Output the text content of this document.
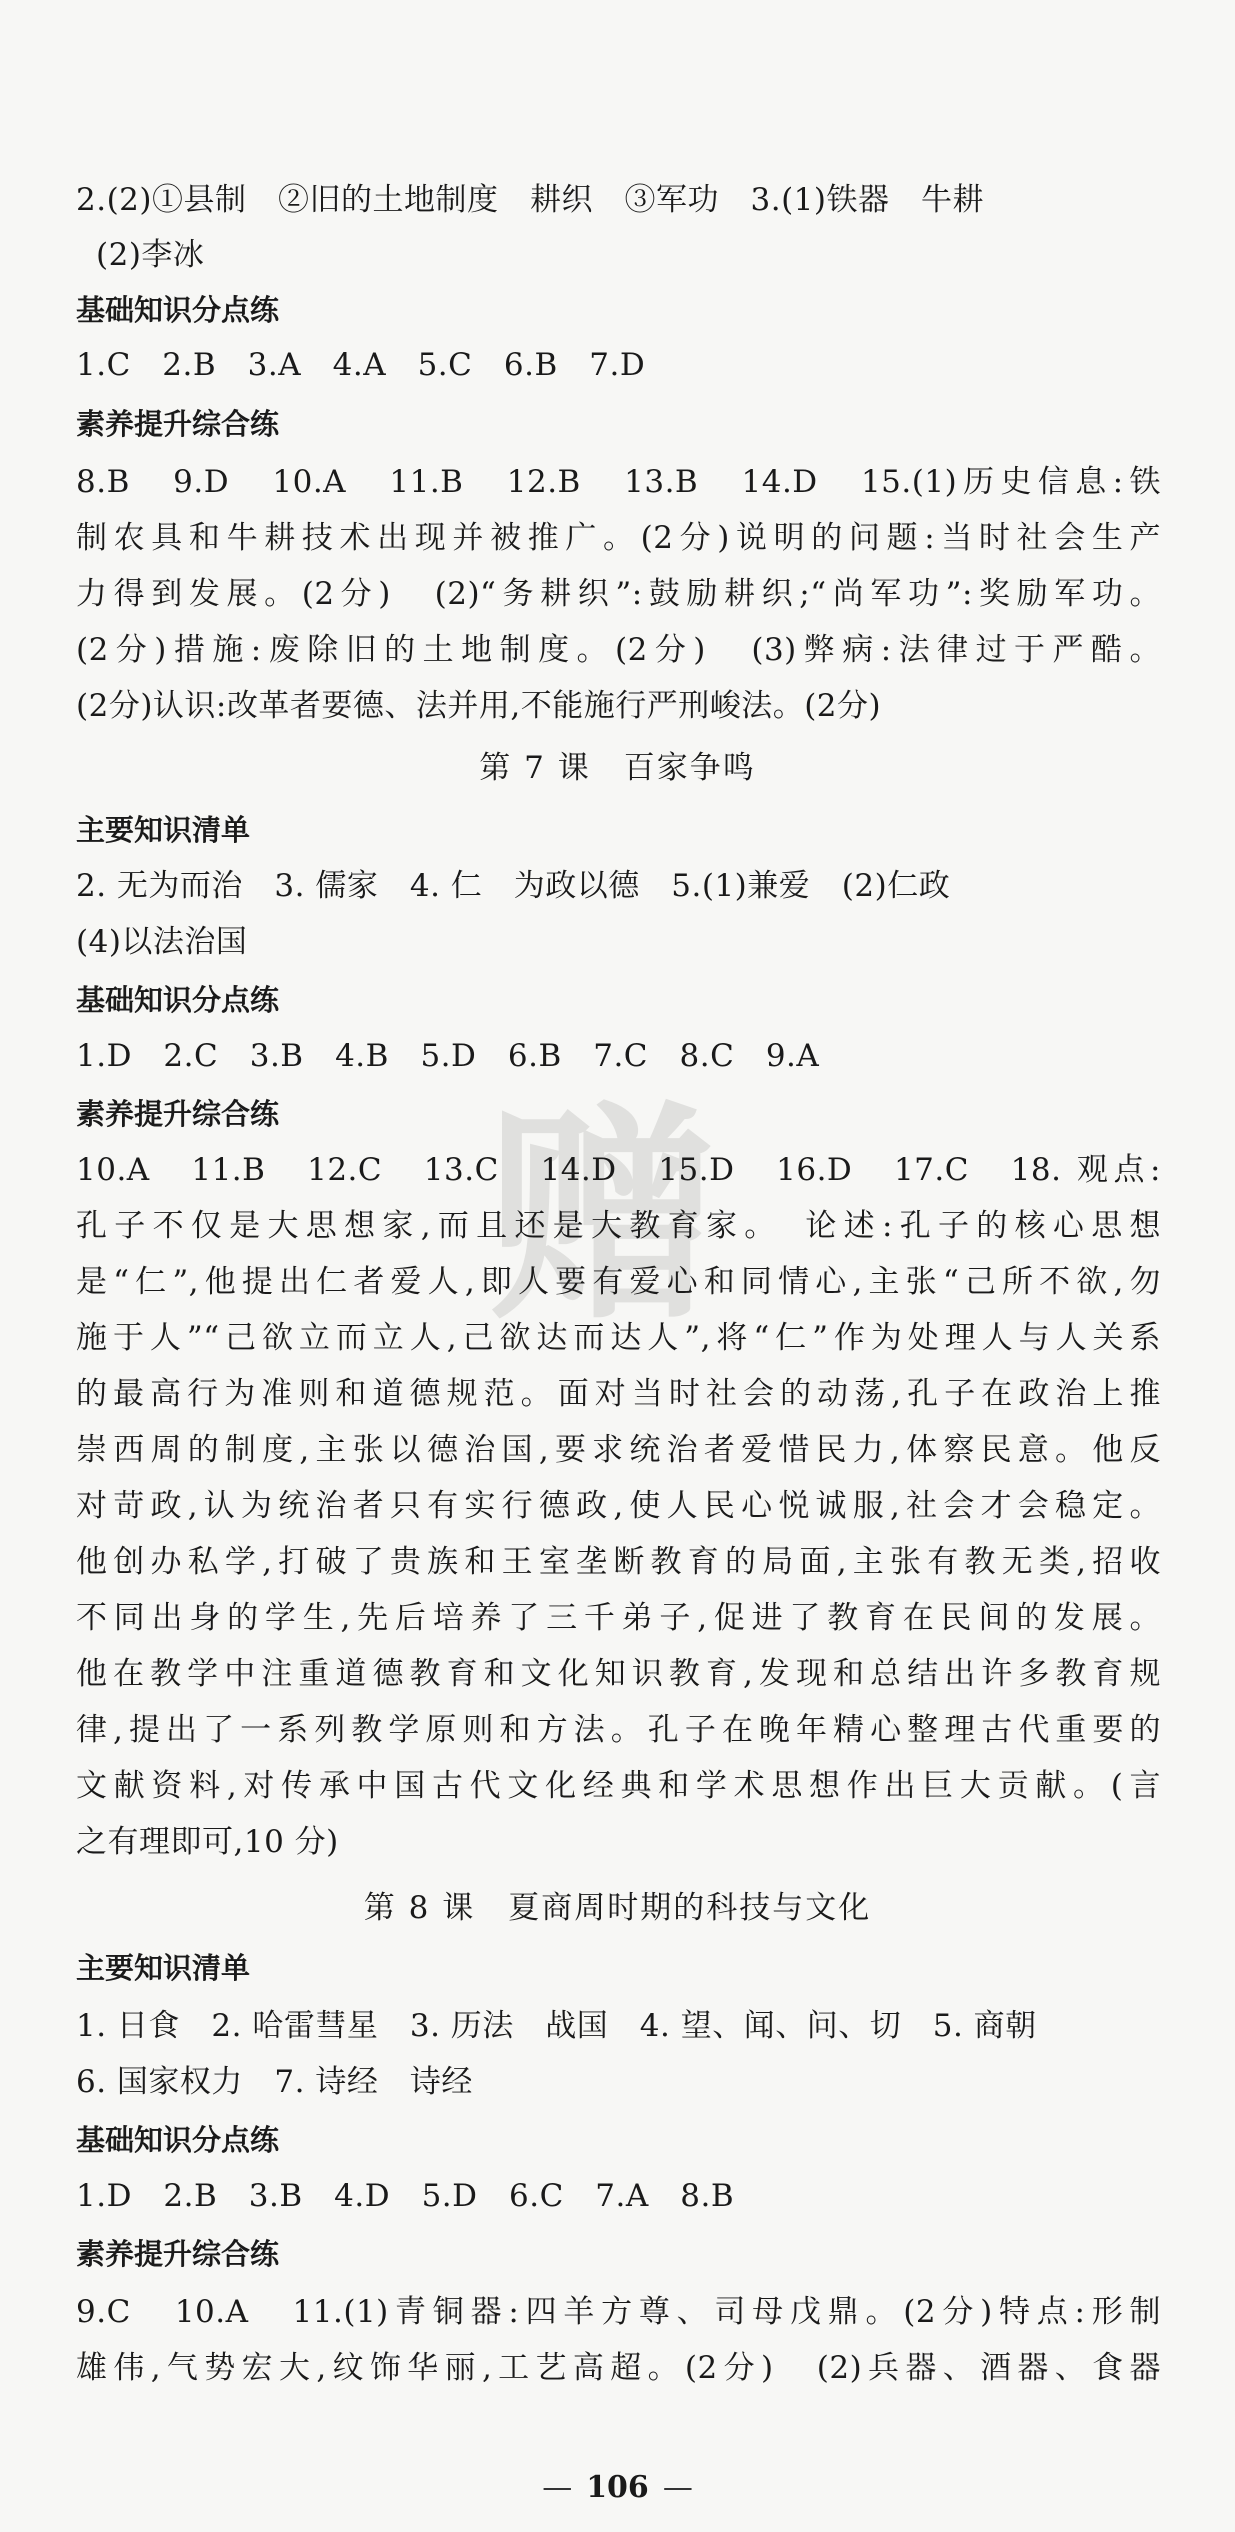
赠
2.(2)①县制　②旧的土地制度　耕织　③军功　3.(1)铁器　牛耕
(2)李冰
基础知识分点练
1.C　2.B　3.A　4.A　5.C　6.B　7.D
素养提升综合练
8.B　9.D　10.A　11.B　12.B　13.B　14.D　15.(1)历史信息:铁
制农具和牛耕技术出现并被推广。(2分)说明的问题:当时社会生产
力得到发展。(2分)　(2)“务耕织”:鼓励耕织;“尚军功”:奖励军功。
(2分)措施:废除旧的土地制度。(2分)　(3)弊病:法律过于严酷。
(2分)认识:改革者要德、法并用,不能施行严刑峻法。(2分)
第 7 课　百家争鸣
主要知识清单
2. 无为而治　3. 儒家　4. 仁　为政以德　5.(1)兼爱　(2)仁政
(4)以法治国
基础知识分点练
1.D　2.C　3.B　4.B　5.D　6.B　7.C　8.C　9.A
素养提升综合练
10.A　11.B　12.C　13.C　14.D　15.D　16.D　17.C　18. 观点:
孔子不仅是大思想家,而且还是大教育家。　论述:孔子的核心思想
是“仁”,他提出仁者爱人,即人要有爱心和同情心,主张“己所不欲,勿
施于人”“己欲立而立人,己欲达而达人”,将“仁”作为处理人与人关系
的最高行为准则和道德规范。面对当时社会的动荡,孔子在政治上推
崇西周的制度,主张以德治国,要求统治者爱惜民力,体察民意。他反
对苛政,认为统治者只有实行德政,使人民心悦诚服,社会才会稳定。
他创办私学,打破了贵族和王室垄断教育的局面,主张有教无类,招收
不同出身的学生,先后培养了三千弟子,促进了教育在民间的发展。
他在教学中注重道德教育和文化知识教育,发现和总结出许多教育规
律,提出了一系列教学原则和方法。孔子在晚年精心整理古代重要的
文献资料,对传承中国古代文化经典和学术思想作出巨大贡献。(言
之有理即可,10 分)
第 8 课　夏商周时期的科技与文化
主要知识清单
1. 日食　2. 哈雷彗星　3. 历法　战国　4. 望、闻、问、切　5. 商朝
6. 国家权力　7. 诗经　诗经
基础知识分点练
1.D　2.B　3.B　4.D　5.D　6.C　7.A　8.B
素养提升综合练
9.C　10.A　11.(1)青铜器:四羊方尊、司母戊鼎。(2分)特点:形制
雄伟,气势宏大,纹饰华丽,工艺高超。(2分)　(2)兵器、酒器、食器
— 106 —
